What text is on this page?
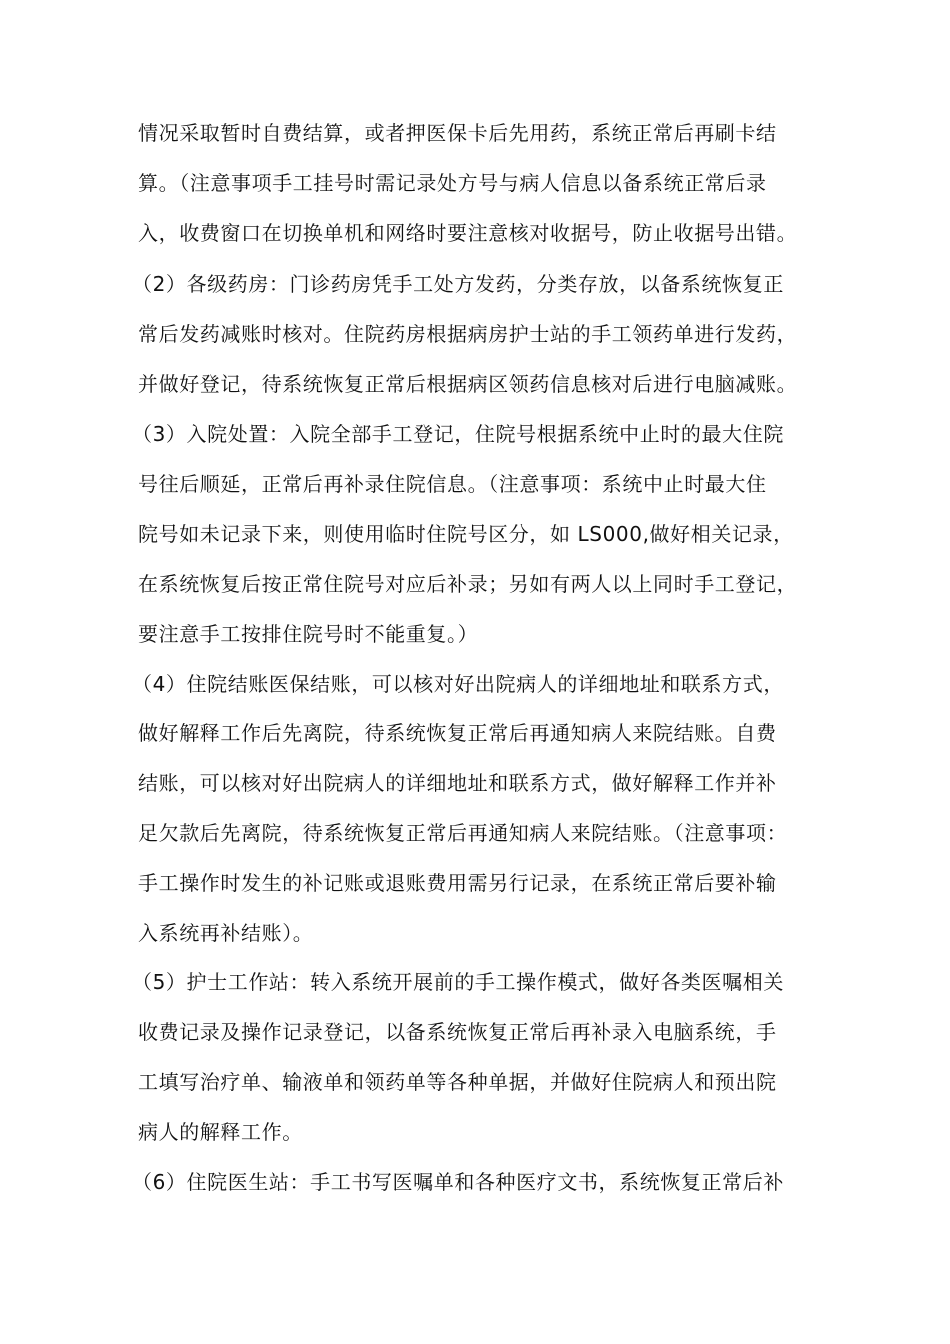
情况采取暂时自费结算，或者押医保卡后先用药，系统正常后再刷卡结
算。（注意事项手工挂号时需记录处方号与病人信息以备系统正常后录
入，收费窗口在切换单机和网络时要注意核对收据号，防止收据号出错。
（2）各级药房：门诊药房凭手工处方发药，分类存放，以备系统恢复正
常后发药减账时核对。住院药房根据病房护士站的手工领药单进行发药，
并做好登记，待系统恢复正常后根据病区领药信息核对后进行电脑减账。
（3）入院处置：入院全部手工登记，住院号根据系统中止时的最大住院
号往后顺延，正常后再补录住院信息。（注意事项：系统中止时最大住
院号如未记录下来，则使用临时住院号区分，如 LS000,做好相关记录，
在系统恢复后按正常住院号对应后补录；另如有两人以上同时手工登记，
要注意手工按排住院号时不能重复。）
（4）住院结账医保结账，可以核对好出院病人的详细地址和联系方式，
做好解释工作后先离院，待系统恢复正常后再通知病人来院结账。自费
结账，可以核对好出院病人的详细地址和联系方式，做好解释工作并补
足欠款后先离院，待系统恢复正常后再通知病人来院结账。（注意事项：
手工操作时发生的补记账或退账费用需另行记录，在系统正常后要补输
入系统再补结账）。
（5）护士工作站：转入系统开展前的手工操作模式，做好各类医嘱相关
收费记录及操作记录登记，以备系统恢复正常后再补录入电脑系统，手
工填写治疗单、输液单和领药单等各种单据，并做好住院病人和预出院
病人的解释工作。
（6）住院医生站：手工书写医嘱单和各种医疗文书，系统恢复正常后补
